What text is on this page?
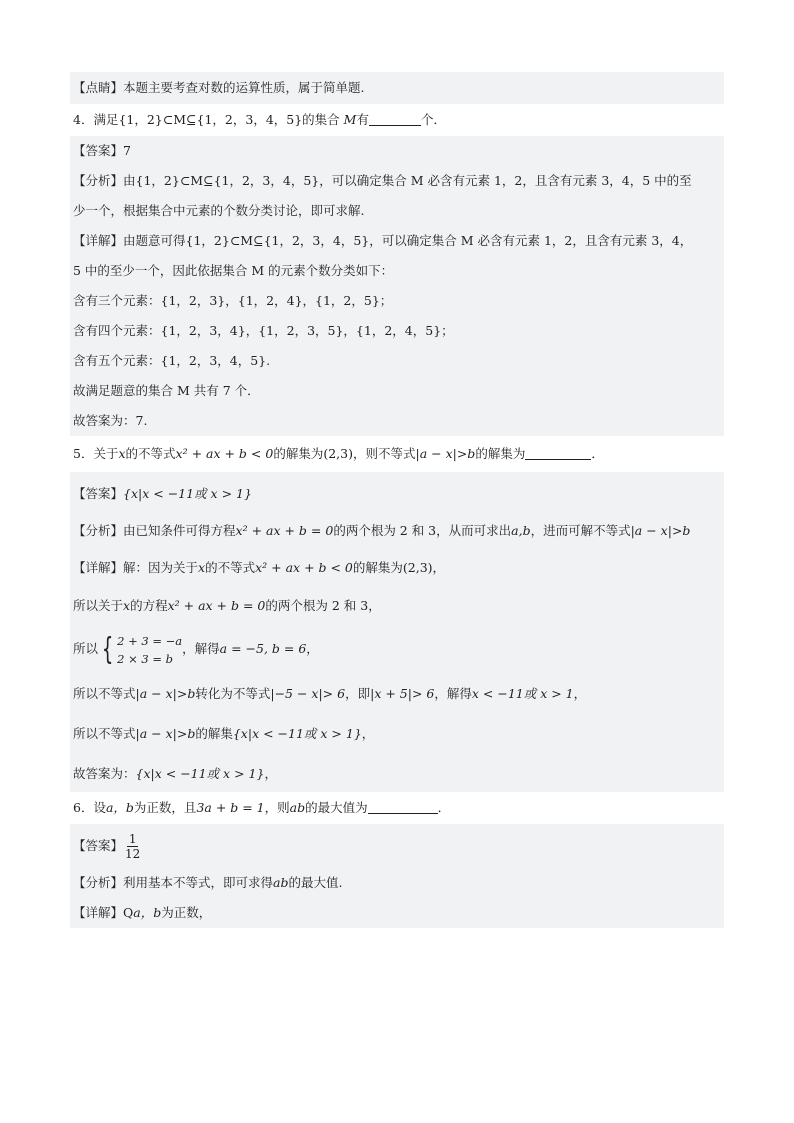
【点睛】本题主要考查对数的运算性质，属于简单题.
4．满足{1，2}⊂M⊆{1，2，3，4，5}的集合 M有	个．
【答案】7
【分析】由{1，2}⊂M⊆{1，2，3，4，5}，可以确定集合 M 必含有元素 1，2，且含有元素 3，4，5 中的至
少一个，根据集合中元素的个数分类讨论，即可求解.
【详解】由题意可得{1，2}⊂M⊆{1，2，3，4，5}，可以确定集合 M 必含有元素 1，2，且含有元素 3，4，
5 中的至少一个，因此依据集合 M 的元素个数分类如下：
含有三个元素：{1，2，3}，{1，2，4}，{1，2，5}；
含有四个元素：{1，2，3，4}，{1，2，3，5}，{1，2，4，5}；
含有五个元素：{1，2，3，4，5}.
故满足题意的集合 M 共有 7 个．
故答案为：7.
5．关于x的不等式x² + ax + b < 0的解集为(2,3)，则不等式|a − x|>b的解集为	．
【答案】{x|x < −11或 x > 1}
【分析】由已知条件可得方程x² + ax + b = 0的两个根为 2 和 3，从而可求出a,b，进而可解不等式|a − x|>b
【详解】解：因为关于x的不等式x² + ax + b < 0的解集为(2,3)，
所以关于x的方程x² + ax + b = 0的两个根为 2 和 3，
所以 { 2 + 3 = −a
2 × 3 = b
，解得a = −5, b = 6，
所以不等式|a − x|>b转化为不等式|−5 − x|> 6，即|x + 5|> 6，解得x < −11或 x > 1，
所以不等式|a − x|>b的解集{x|x < −11或 x > 1}，
故答案为：{x|x < −11或 x > 1}，
6．设a，b为正数，且3a + b = 1，则ab的最大值为	．
【答案】 $\frac{1}{12}$
【分析】利用基本不等式，即可求得ab的最大值.
【详解】Qa，b为正数，
